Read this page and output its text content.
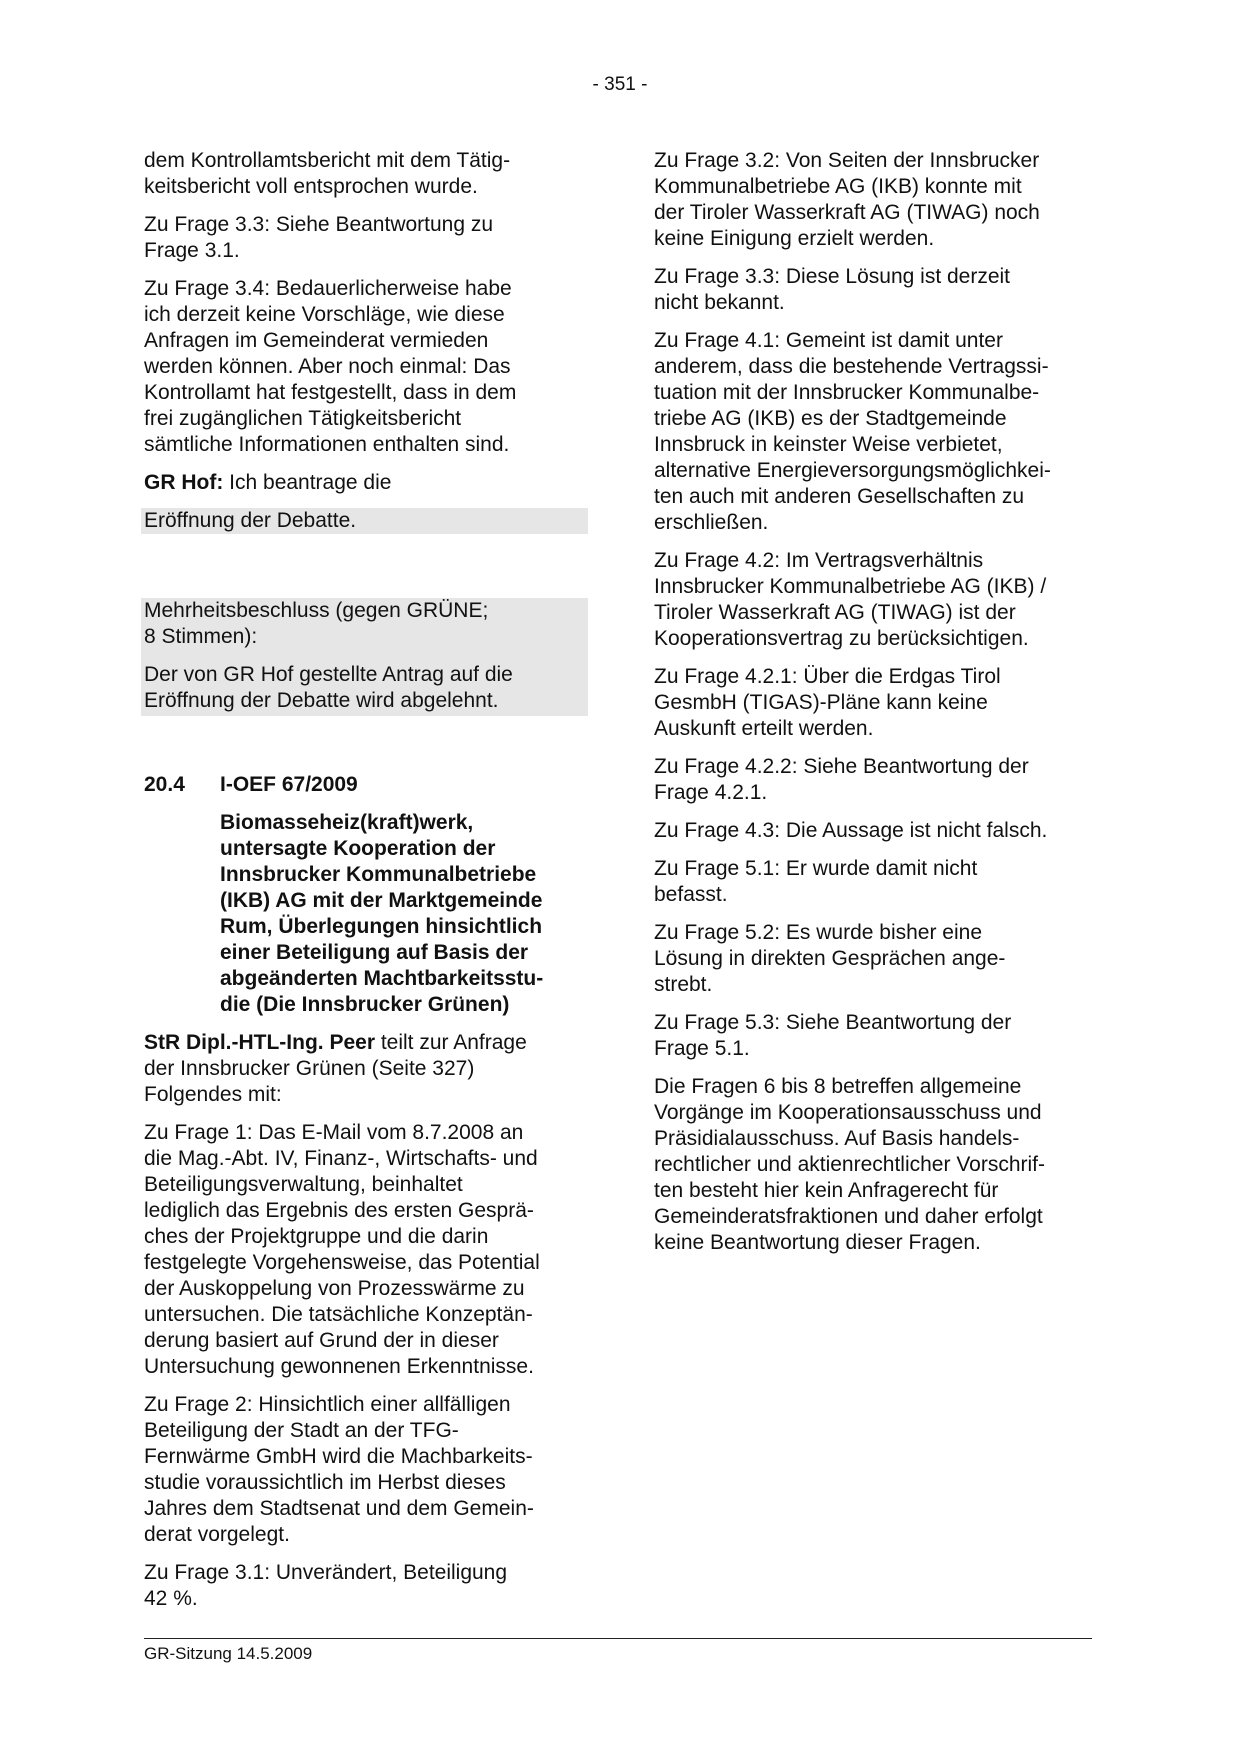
- 351 -
dem Kontrollamtsbericht mit dem Tätig-
keitsbericht voll entsprochen wurde.
Zu Frage 3.3: Siehe Beantwortung zu
Frage 3.1.
Zu Frage 3.4: Bedauerlicherweise habe
ich derzeit keine Vorschläge, wie diese
Anfragen im Gemeinderat vermieden
werden können. Aber noch einmal: Das
Kontrollamt hat festgestellt, dass in dem
frei zugänglichen Tätigkeitsbericht
sämtliche Informationen enthalten sind.
GR Hof: Ich beantrage die
Eröffnung der Debatte.
Mehrheitsbeschluss (gegen GRÜNE;
8 Stimmen):
Der von GR Hof gestellte Antrag auf die
Eröffnung der Debatte wird abgelehnt.
20.4	I-OEF 67/2009
Biomasseheiz(kraft)werk,
untersagte Kooperation der
Innsbrucker Kommunalbetriebe
(IKB) AG mit der Marktgemeinde
Rum, Überlegungen hinsichtlich
einer Beteiligung auf Basis der
abgeänderten Machtbarkeitsstu-
die (Die Innsbrucker Grünen)
StR Dipl.-HTL-Ing. Peer teilt zur Anfrage
der Innsbrucker Grünen (Seite 327)
Folgendes mit:
Zu Frage 1: Das E-Mail vom 8.7.2008 an
die Mag.-Abt. IV, Finanz-, Wirtschafts- und
Beteiligungsverwaltung, beinhaltet
lediglich das Ergebnis des ersten Gesprä-
ches der Projektgruppe und die darin
festgelegte Vorgehensweise, das Potential
der Auskoppelung von Prozesswärme zu
untersuchen. Die tatsächliche Konzeptän-
derung basiert auf Grund der in dieser
Untersuchung gewonnenen Erkenntnisse.
Zu Frage 2: Hinsichtlich einer allfälligen
Beteiligung der Stadt an der TFG-
Fernwärme GmbH wird die Machbarkeits-
studie voraussichtlich im Herbst dieses
Jahres dem Stadtsenat und dem Gemein-
derat vorgelegt.
Zu Frage 3.1: Unverändert, Beteiligung
42 %.
Zu Frage 3.2: Von Seiten der Innsbrucker
Kommunalbetriebe AG (IKB) konnte mit
der Tiroler Wasserkraft AG (TIWAG) noch
keine Einigung erzielt werden.
Zu Frage 3.3: Diese Lösung ist derzeit
nicht bekannt.
Zu Frage 4.1: Gemeint ist damit unter
anderem, dass die bestehende Vertragssi-
tuation mit der Innsbrucker Kommunalbe-
triebe AG (IKB) es der Stadtgemeinde
Innsbruck in keinster Weise verbietet,
alternative Energieversorgungsmöglichkei-
ten auch mit anderen Gesellschaften zu
erschließen.
Zu Frage 4.2: Im Vertragsverhältnis
Innsbrucker Kommunalbetriebe AG (IKB) /
Tiroler Wasserkraft AG (TIWAG) ist der
Kooperationsvertrag zu berücksichtigen.
Zu Frage 4.2.1: Über die Erdgas Tirol
GesmbH (TIGAS)-Pläne kann keine
Auskunft erteilt werden.
Zu Frage 4.2.2: Siehe Beantwortung der
Frage 4.2.1.
Zu Frage 4.3: Die Aussage ist nicht falsch.
Zu Frage 5.1: Er wurde damit nicht
befasst.
Zu Frage 5.2: Es wurde bisher eine
Lösung in direkten Gesprächen ange-
strebt.
Zu Frage 5.3: Siehe Beantwortung der
Frage 5.1.
Die Fragen 6 bis 8 betreffen allgemeine
Vorgänge im Kooperationsausschuss und
Präsidialausschuss. Auf Basis handels-
rechtlicher und aktienrechtlicher Vorschrif-
ten besteht hier kein Anfragerecht für
Gemeinderatsfraktionen und daher erfolgt
keine Beantwortung dieser Fragen.
GR-Sitzung 14.5.2009
